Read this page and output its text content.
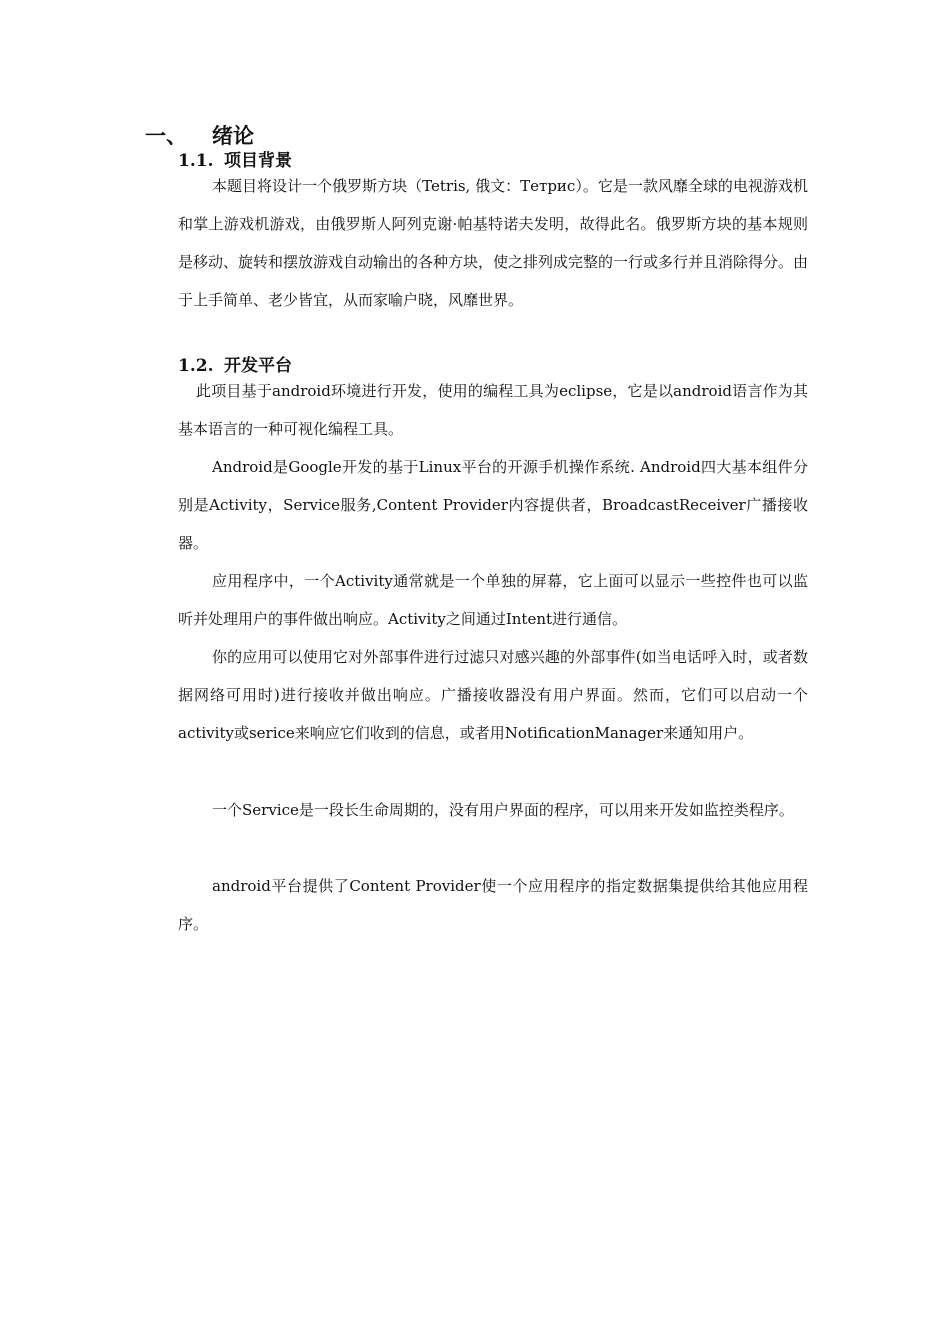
一、 绪论
1.1. 项目背景

本题目将设计一个俄罗斯方块（Tetris, 俄文：Тетрис）。它是一款风靡全球的电视游戏机和掌上游戏机游戏，由俄罗斯人阿列克谢·帕基特诺夫发明，故得此名。俄罗斯方块的基本规则是移动、旋转和摆放游戏自动输出的各种方块，使之排列成完整的一行或多行并且消除得分。由于上手简单、老少皆宜，从而家喻户晓，风靡世界。

1.2. 开发平台

此项目基于android环境进行开发，使用的编程工具为eclipse，它是以android语言作为其基本语言的一种可视化编程工具。

Android是Google开发的基于Linux平台的开源手机操作系统. Android四大基本组件分别是Activity，Service服务,Content Provider内容提供者，BroadcastReceiver广播接收器。

应用程序中，一个Activity通常就是一个单独的屏幕，它上面可以显示一些控件也可以监听并处理用户的事件做出响应。Activity之间通过Intent进行通信。

你的应用可以使用它对外部事件进行过滤只对感兴趣的外部事件(如当电话呼入时，或者数据网络可用时)进行接收并做出响应。广播接收器没有用户界面。然而，它们可以启动一个activity或serice来响应它们收到的信息，或者用NotificationManager来通知用户。

一个Service是一段长生命周期的，没有用户界面的程序，可以用来开发如监控类程序。

android平台提供了Content Provider使一个应用程序的指定数据集提供给其他应用程序。
